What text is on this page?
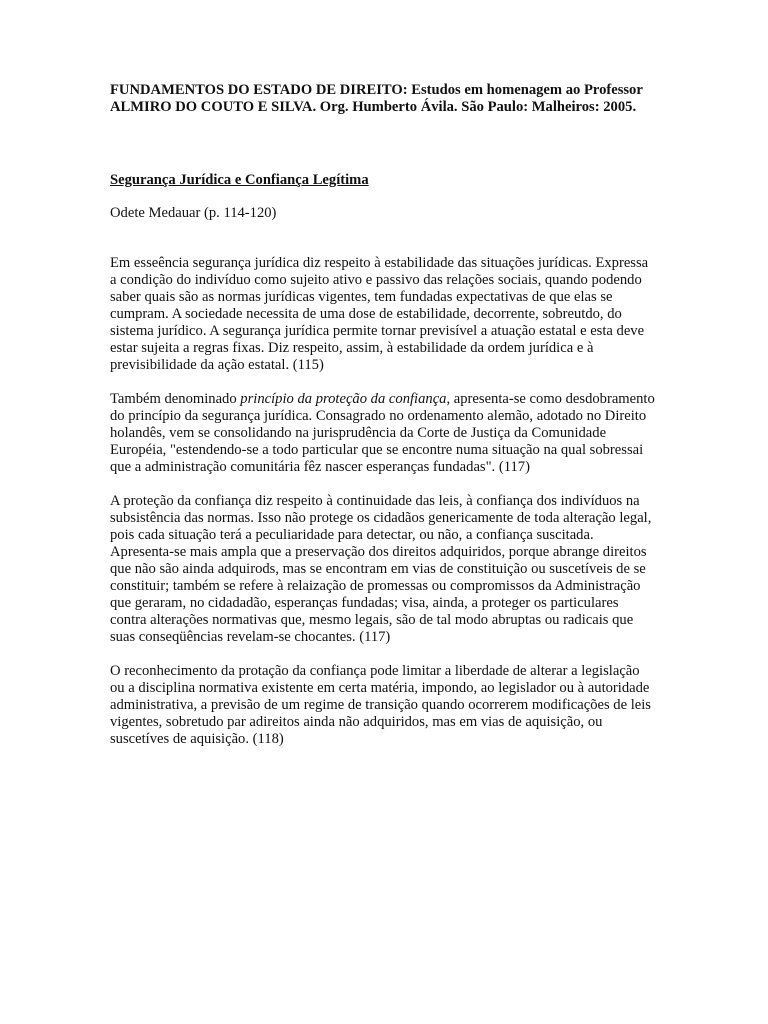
FUNDAMENTOS DO ESTADO DE DIREITO: Estudos em homenagem ao Professor ALMIRO DO COUTO E SILVA. Org. Humberto Ávila. São Paulo: Malheiros: 2005.

Segurança Jurídica e Confiança Legítima

Odete Medauar (p. 114-120)

Em esseência segurança jurídica diz respeito à estabilidade das situações jurídicas. Expressa a condição do indivíduo como sujeito ativo e passivo das relações sociais, quando podendo saber quais são as normas jurídicas vigentes, tem fundadas expectativas de que elas se cumpram. A sociedade necessita de uma dose de estabilidade, decorrente, sobreutdo, do sistema jurídico. A segurança jurídica permite tornar previsível a atuação estatal e esta deve estar sujeita a regras fixas. Diz respeito, assim, à estabilidade da ordem jurídica e à previsibilidade da ação estatal. (115)

Também denominado princípio da proteção da confiança, apresenta-se como desdobramento do princípio da segurança jurídica. Consagrado no ordenamento alemão, adotado no Direito holandês, vem se consolidando na jurisprudência da Corte de Justiça da Comunidade Européia, "estendendo-se a todo particular que se encontre numa situação na qual sobressai que a administração comunitária fêz nascer esperanças fundadas". (117)

A proteção da confiança diz respeito à continuidade das leis, à confiança dos indivíduos na subsistência das normas. Isso não protege os cidadãos genericamente de toda alteração legal, pois cada situação terá a peculiaridade para detectar, ou não, a confiança suscitada. Apresenta-se mais ampla que a preservação dos direitos adquiridos, porque abrange direitos que não são ainda adquirods, mas se encontram em vias de constituição ou suscetíveis de se constituir; também se refere à relaização de promessas ou compromissos da Administração que geraram, no cidadadão, esperanças fundadas; visa, ainda, a proteger os particulares contra alterações normativas que, mesmo legais, são de tal modo abruptas ou radicais que suas conseqüências revelam-se chocantes. (117)

O reconhecimento da protação da confiança pode limitar a liberdade de alterar a legislação ou a disciplina normativa existente em certa matéria, impondo, ao legislador ou à autoridade administrativa, a previsão de um regime de transição quando ocorrerem modificações de leis vigentes, sobretudo par adireitos ainda não adquiridos, mas em vias de aquisição, ou suscetíves de aquisição. (118)
